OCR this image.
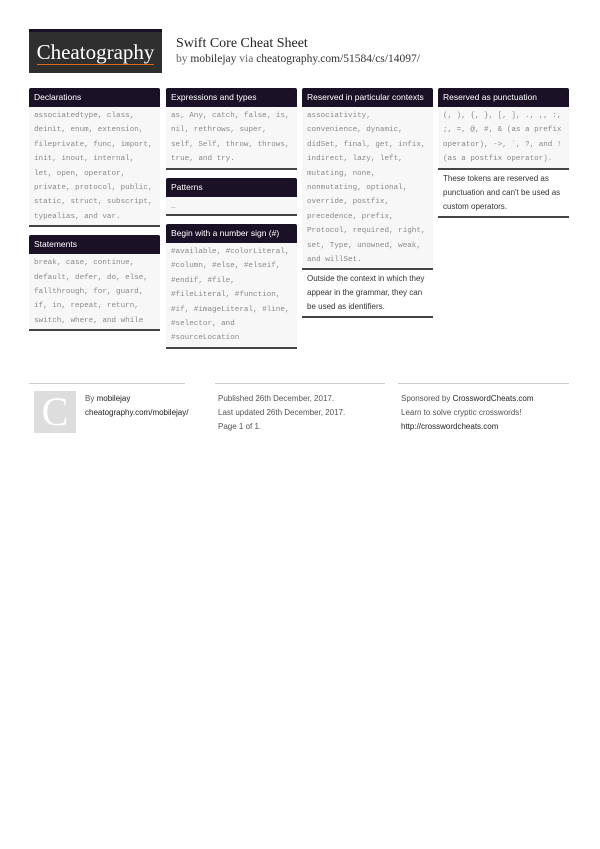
Cheatography	Swift Core Cheat Sheet
by mobilejay via cheatography.com/51584/cs/14097/
Declarations
associatedtype, class, deinit, enum, extension, fileprivate, func, import, init, inout, internal, let, open, operator, private, protocol, public, static, struct, subscript, typealias, and var.
Statements
break, case, continue, default, defer, do, else, fallthrough, for, guard, if, in, repeat, return, switch, where, and while
Expressions and types
as, Any, catch, false, is, nil, rethrows, super, self, Self, throw, throws, true, and try.
Patterns
_
Begin with a number sign (#)
#available, #colorLiteral, #column, #else, #elseif, #endif, #file, #fileLiteral, #function, #if, #imageLiteral, #line, #selector, and #sourceLocation
Reserved in particular contexts
associativity, convenience, dynamic, didSet, final, get, infix, indirect, lazy, left, mutating, none, nonmutating, optional, override, postfix, precedence, prefix, Protocol, required, right, set, Type, unowned, weak, and willSet.
Outside the context in which they appear in the grammar, they can be used as identifiers.
Reserved as punctuation
(, ), {, }, [, ], ., ,, :, ;, =, @, #, & (as a prefix operator), ->, `, ?, and ! (as a postfix operator).
These tokens are reserved as punctuation and can't be used as custom operators.
C	By mobilejay
cheatography.com/mobilejay/
Published 26th December, 2017.
Last updated 26th December, 2017.
Page 1 of 1.
Sponsored by CrosswordCheats.com
Learn to solve cryptic crosswords!
http://crosswordcheats.com
